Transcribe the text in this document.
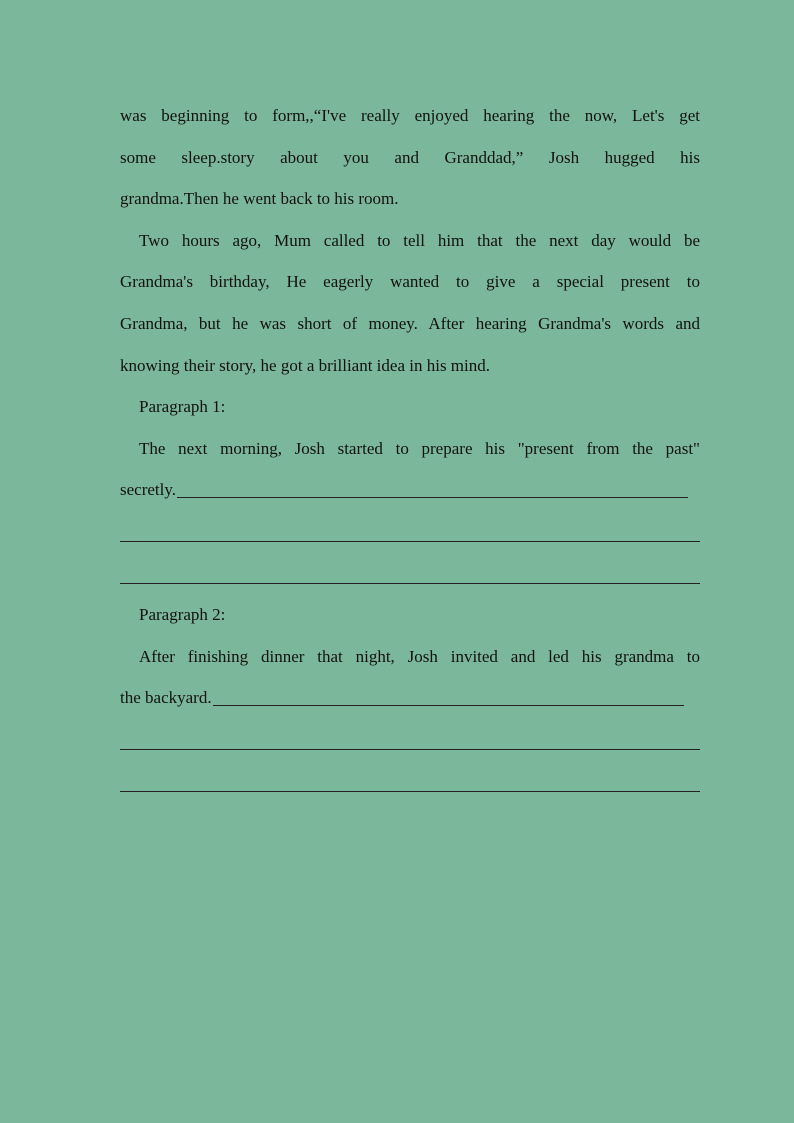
was beginning to form,,“I've really enjoyed hearing the now, Let's get
some sleep.story about you and Granddad,” Josh hugged his
grandma.Then he went back to his room.
Two hours ago, Mum called to tell him that the next day would be
Grandma's birthday, He eagerly wanted to give a special present to
Grandma, but he was short of money. After hearing Grandma's words and
knowing their story, he got a brilliant idea in his mind.
Paragraph 1:
The next morning, Josh started to prepare his "present from the past"
secretly.
Paragraph 2:
After finishing dinner that night, Josh invited and led his grandma to
the backyard.
